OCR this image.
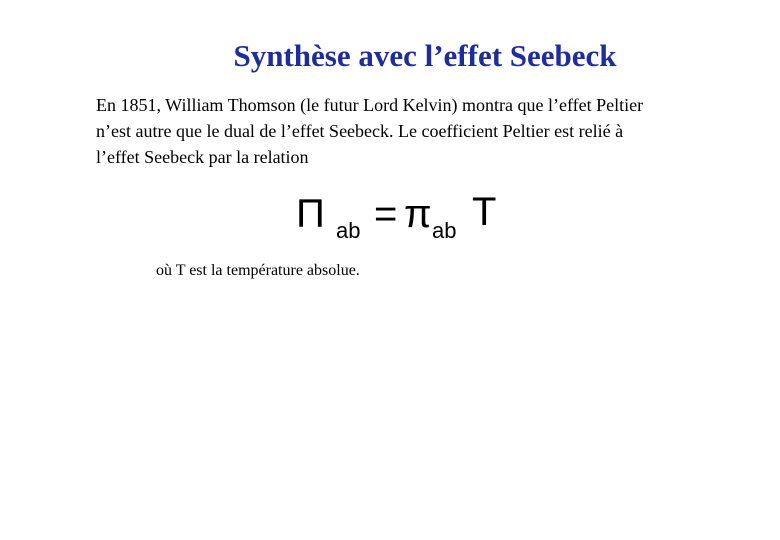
Synthèse avec l’effet Seebeck
En 1851, William Thomson (le futur Lord Kelvin) montra que l’effet Peltier
n’est autre que le dual de l’effet Seebeck. Le coefficient Peltier est relié à
l’effet Seebeck par la relation
Π ab = π ab T
où T est la température absolue.
